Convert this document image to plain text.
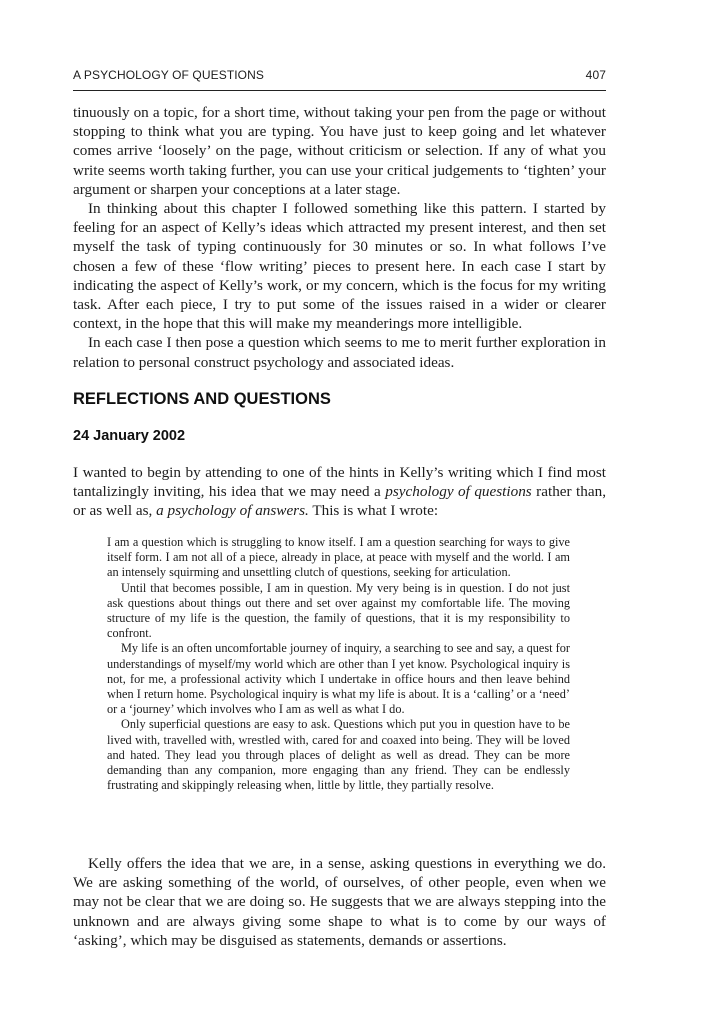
A PSYCHOLOGY OF QUESTIONS	407

tinuously on a topic, for a short time, without taking your pen from the page or without stopping to think what you are typing. You have just to keep going and let whatever comes arrive ‘loosely’ on the page, without criticism or selection. If any of what you write seems worth taking further, you can use your critical judgements to ‘tighten’ your argument or sharpen your conceptions at a later stage.

In thinking about this chapter I followed something like this pattern. I started by feeling for an aspect of Kelly’s ideas which attracted my present interest, and then set myself the task of typing continuously for 30 minutes or so. In what follows I’ve chosen a few of these ‘flow writing’ pieces to present here. In each case I start by indicating the aspect of Kelly’s work, or my concern, which is the focus for my writing task. After each piece, I try to put some of the issues raised in a wider or clearer context, in the hope that this will make my meanderings more intelligible.

In each case I then pose a question which seems to me to merit further exploration in relation to personal construct psychology and associated ideas.

REFLECTIONS AND QUESTIONS
24 January 2002

I wanted to begin by attending to one of the hints in Kelly’s writing which I find most tantalizingly inviting, his idea that we may need a psychology of questions rather than, or as well as, a psychology of answers. This is what I wrote:

I am a question which is struggling to know itself. I am a question searching for ways to give itself form. I am not all of a piece, already in place, at peace with myself and the world. I am an intensely squirming and unsettling clutch of questions, seeking for articulation.

Until that becomes possible, I am in question. My very being is in question. I do not just ask questions about things out there and set over against my comfortable life. The moving structure of my life is the question, the family of questions, that it is my responsibility to confront.

My life is an often uncomfortable journey of inquiry, a searching to see and say, a quest for understandings of myself/my world which are other than I yet know. Psychological inquiry is not, for me, a professional activity which I undertake in office hours and then leave behind when I return home. Psychological inquiry is what my life is about. It is a ‘calling’ or a ‘need’ or a ‘journey’ which involves who I am as well as what I do.

Only superficial questions are easy to ask. Questions which put you in question have to be lived with, travelled with, wrestled with, cared for and coaxed into being. They will be loved and hated. They lead you through places of delight as well as dread. They can be more demanding than any companion, more engaging than any friend. They can be endlessly frustrating and skippingly releasing when, little by little, they partially resolve.

Kelly offers the idea that we are, in a sense, asking questions in everything we do. We are asking something of the world, of ourselves, of other people, even when we may not be clear that we are doing so. He suggests that we are always stepping into the unknown and are always giving some shape to what is to come by our ways of ‘asking’, which may be disguised as statements, demands or assertions.
